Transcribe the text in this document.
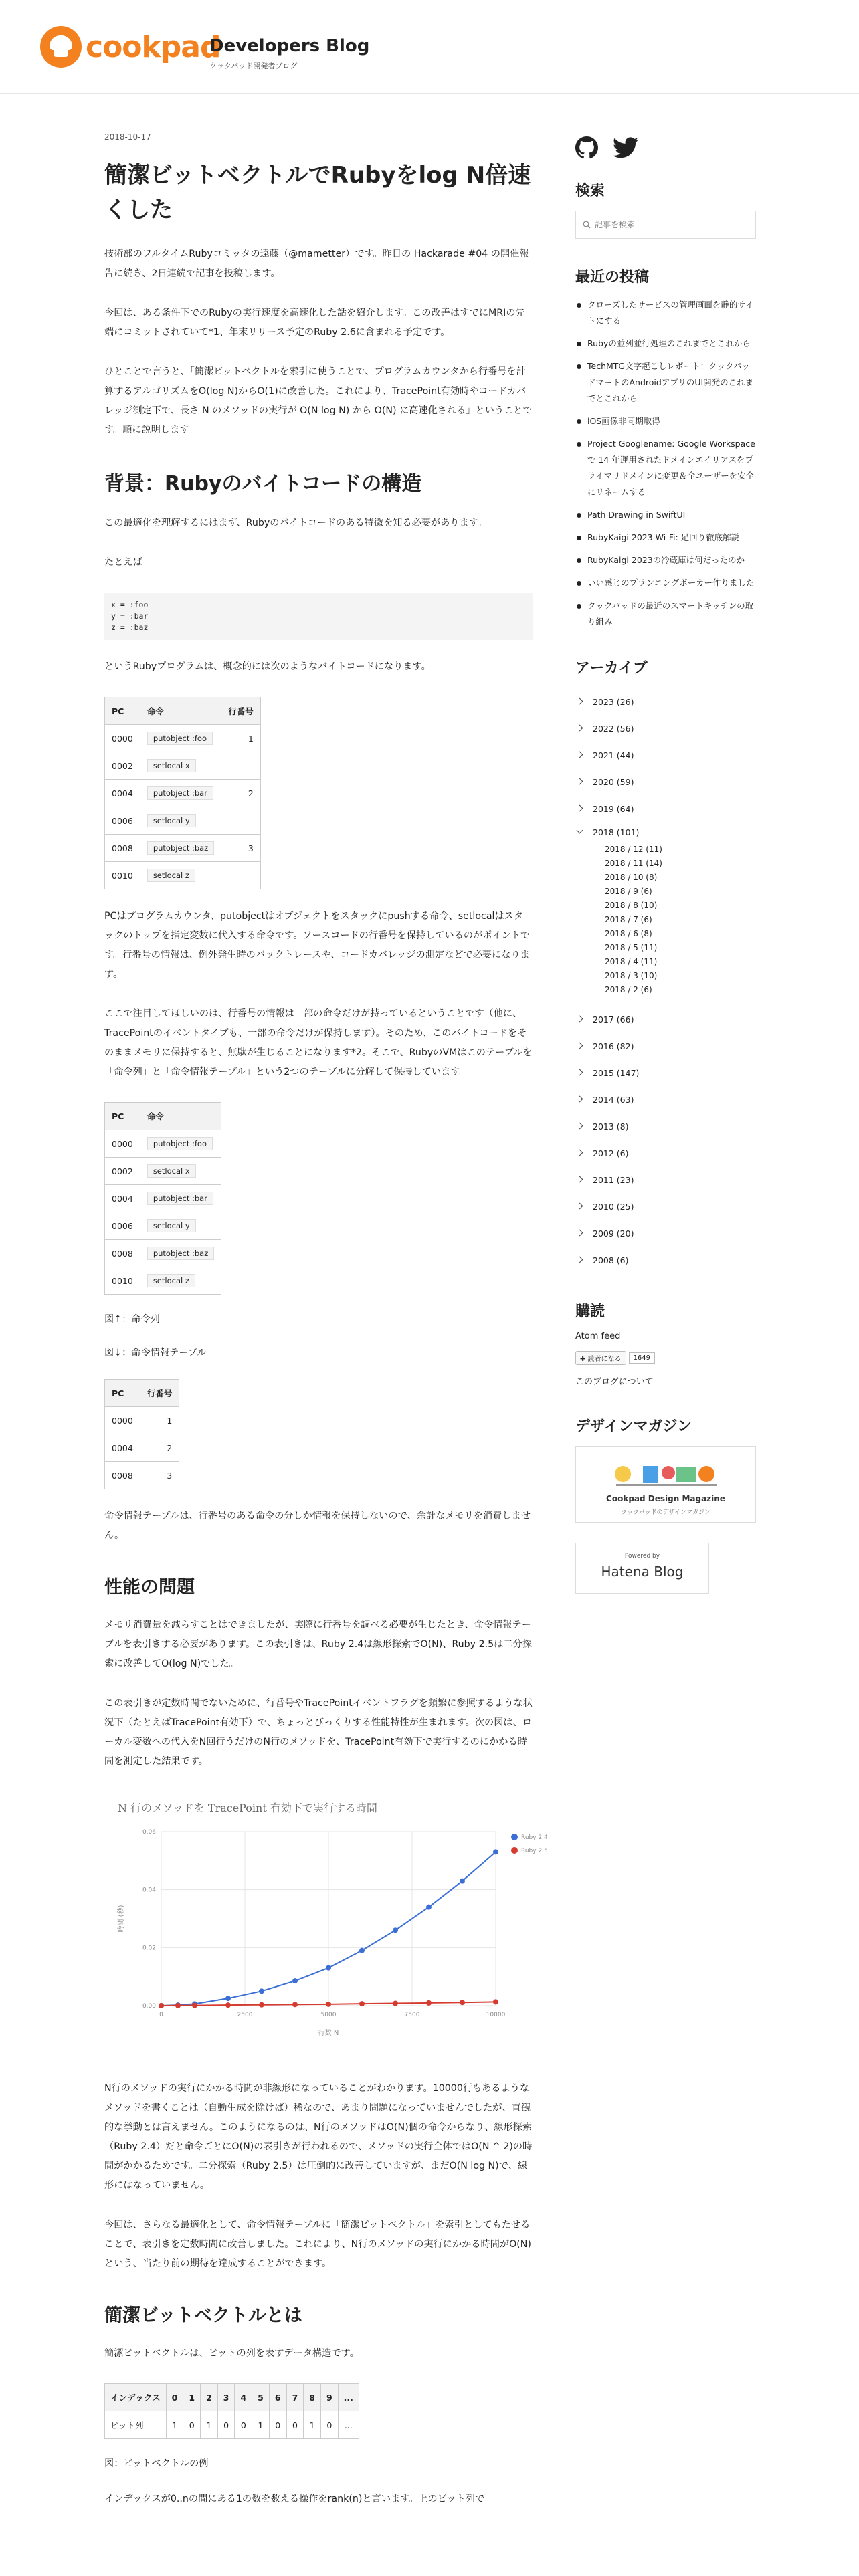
cookpad
Developers Blog
クックパッド開発者ブログ
2018-10-17
簡潔ビットベクトルでRubyをlog N倍速くした

技術部のフルタイムRubyコミッタの遠藤（@mametter）です。昨日の Hackarade #04 の開催報告に続き、2日連続で記事を投稿します。

今回は、ある条件下でのRubyの実行速度を高速化した話を紹介します。この改善はすでにMRIの先端にコミットされていて*1、年末リリース予定のRuby 2.6に含まれる予定です。

ひとことで言うと、「簡潔ビットベクトルを索引に使うことで、プログラムカウンタから行番号を計算するアルゴリズムをO(log N)からO(1)に改善した。これにより、TracePoint有効時やコードカバレッジ測定下で、長さ N のメソッドの実行が O(N log N) から O(N) に高速化される」ということです。順に説明します。

背景：Rubyのバイトコードの構造

この最適化を理解するにはまず、Rubyのバイトコードのある特徴を知る必要があります。

たとえば

x = :foo
y = :bar
z = :baz

というRubyプログラムは、概念的には次のようなバイトコードになります。

PC	命令	行番号
0000	putobject :foo	1
0002	setlocal x	
0004	putobject :bar	2
0006	setlocal y	
0008	putobject :baz	3
0010	setlocal z	

PCはプログラムカウンタ、putobjectはオブジェクトをスタックにpushする命令、setlocalはスタックのトップを指定変数に代入する命令です。ソースコードの行番号を保持しているのがポイントです。行番号の情報は、例外発生時のバックトレースや、コードカバレッジの測定などで必要になります。

ここで注目してほしいのは、行番号の情報は一部の命令だけが持っているということです（他に、TracePointのイベントタイプも、一部の命令だけが保持します）。そのため、このバイトコードをそのままメモリに保持すると、無駄が生じることになります*2。そこで、RubyのVMはこのテーブルを「命令列」と「命令情報テーブル」という2つのテーブルに分解して保持しています。

PC	命令
0000	putobject :foo
0002	setlocal x
0004	putobject :bar
0006	setlocal y
0008	putobject :baz
0010	setlocal z
図↑：命令列
図↓：命令情報テーブル
PC	行番号
0000	1
0004	2
0008	3

命令情報テーブルは、行番号のある命令の分しか情報を保持しないので、余計なメモリを消費しません。

性能の問題

メモリ消費量を減らすことはできましたが、実際に行番号を調べる必要が生じたとき、命令情報テーブルを表引きする必要があります。この表引きは、Ruby 2.4は線形探索でO(N)、Ruby 2.5は二分探索に改善してO(log N)でした。

この表引きが定数時間でないために、行番号やTracePointイベントフラグを頻繁に参照するような状況下（たとえばTracePoint有効下）で、ちょっとびっくりする性能特性が生まれます。次の図は、ローカル変数への代入をN回行うだけのN行のメソッドを、TracePoint有効下で実行するのにかかる時間を測定した結果です。

N 行のメソッドを TracePoint 有効下で実行する時間
0.00
0.02
0.04
0.06
0	2500	5000	7500	10000
行数 N
時間 (秒)
Ruby 2.4
Ruby 2.5

N行のメソッドの実行にかかる時間が非線形になっていることがわかります。10000行もあるようなメソッドを書くことは（自動生成を除けば）稀なので、あまり問題になっていませんでしたが、直観的な挙動とは言えません。このようになるのは、N行のメソッドはO(N)個の命令からなり、線形探索（Ruby 2.4）だと命令ごとにO(N)の表引きが行われるので、メソッドの実行全体ではO(N ^ 2)の時間がかかるためです。二分探索（Ruby 2.5）は圧倒的に改善していますが、まだO(N log N)で、線形にはなっていません。

今回は、さらなる最適化として、命令情報テーブルに「簡潔ビットベクトル」を索引としてもたせることで、表引きを定数時間に改善しました。これにより、N行のメソッドの実行にかかる時間がO(N)という、当たり前の期待を達成することができます。

簡潔ビットベクトルとは

簡潔ビットベクトルは、ビットの列を表すデータ構造です。

インデックス	0	1	2	3	4	5	6	7	8	9	...
ビット列	1	0	1	0	0	1	0	0	1	0	...
図：ビットベクトルの例

インデックスが0..nの間にある1の数を数える操作をrank(n)と言います。上のビット列で

検索
記事を検索
最近の投稿
クローズしたサービスの管理画面を静的サイトにする
Rubyの並列並行処理のこれまでとこれから
TechMTG文字起こしレポート：クックパッドマートのAndroidアプリのUI開発のこれまでとこれから
iOS画像非同期取得
Project Googlename: Google Workspace で 14 年運用されたドメインエイリアスをプライマリドメインに変更＆全ユーザーを安全にリネームする
Path Drawing in SwiftUI
RubyKaigi 2023 Wi-Fi: 足回り徹底解説
RubyKaigi 2023の冷蔵庫は何だったのか
いい感じのプランニングポーカー作りました
クックパッドの最近のスマートキッチンの取り組み
アーカイブ
2023 (26)
2022 (56)
2021 (44)
2020 (59)
2019 (64)
2018 (101)
2018 / 12 (11)
2018 / 11 (14)
2018 / 10 (8)
2018 / 9 (6)
2018 / 8 (10)
2018 / 7 (6)
2018 / 6 (8)
2018 / 5 (11)
2018 / 4 (11)
2018 / 3 (10)
2018 / 2 (6)
2017 (66)
2016 (82)
2015 (147)
2014 (63)
2013 (8)
2012 (6)
2011 (23)
2010 (25)
2009 (20)
2008 (6)
購読
Atom feed
✚ 読者になる	1649
このブログについて
デザインマガジン
Cookpad Design Magazine
クックパッドのデザインマガジン
Powered by
Hatena Blog
